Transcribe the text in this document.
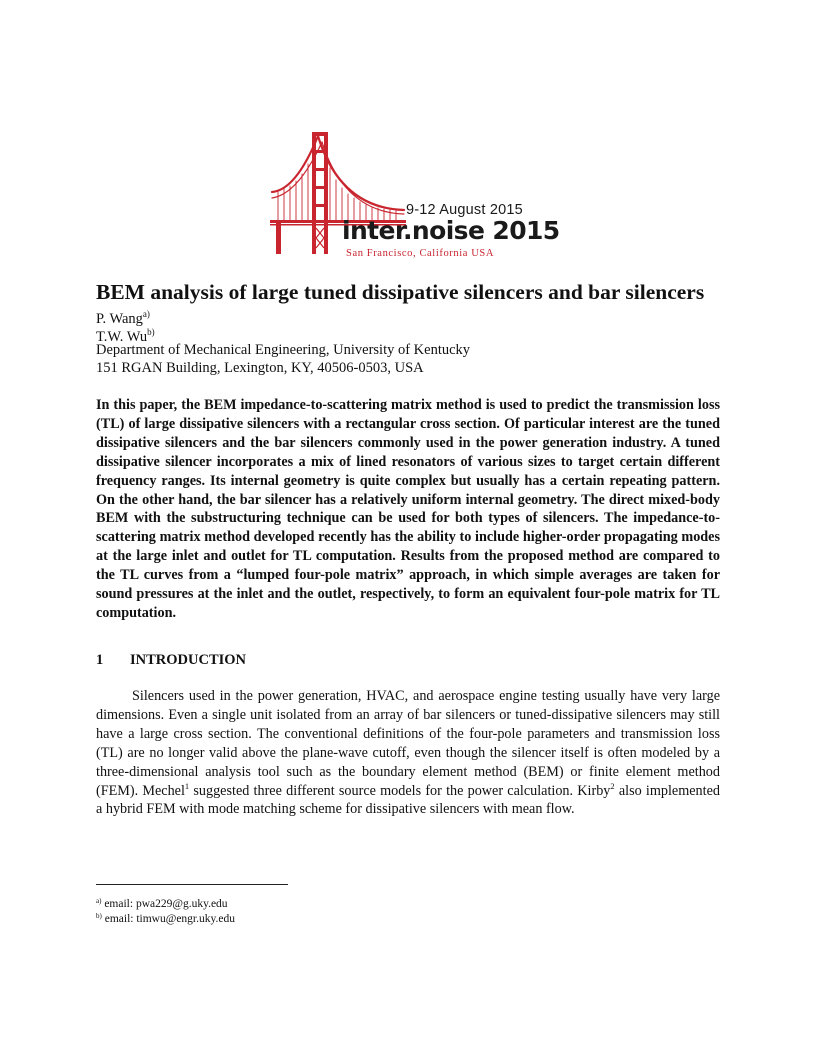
9-12 August 2015
inter.noise 2015
San Francisco, California USA
BEM analysis of large tuned dissipative silencers and bar silencers
P. Wang$^{a)}$
T.W. Wu$^{b)}$
Department of Mechanical Engineering, University of Kentucky
151 RGAN Building, Lexington, KY, 40506-0503, USA

In this paper, the BEM impedance-to-scattering matrix method is used to predict the transmission loss (TL) of large dissipative silencers with a rectangular cross section. Of particular interest are the tuned dissipative silencers and the bar silencers commonly used in the power generation industry. A tuned dissipative silencer incorporates a mix of lined resonators of various sizes to target certain different frequency ranges. Its internal geometry is quite complex but usually has a certain repeating pattern. On the other hand, the bar silencer has a relatively uniform internal geometry. The direct mixed-body BEM with the substructuring technique can be used for both types of silencers. The impedance-to-scattering matrix method developed recently has the ability to include higher-order propagating modes at the large inlet and outlet for TL computation. Results from the proposed method are compared to the TL curves from a “lumped four-pole matrix” approach, in which simple averages are taken for sound pressures at the inlet and the outlet, respectively, to form an equivalent four-pole matrix for TL computation.

1 INTRODUCTION

Silencers used in the power generation, HVAC, and aerospace engine testing usually have very large dimensions. Even a single unit isolated from an array of bar silencers or tuned-dissipative silencers may still have a large cross section. The conventional definitions of the four-pole parameters and transmission loss (TL) are no longer valid above the plane-wave cutoff, even though the silencer itself is often modeled by a three-dimensional analysis tool such as the boundary element method (BEM) or finite element method (FEM). Mechel$^1$ suggested three different source models for the power calculation. Kirby$^2$ also implemented a hybrid FEM with mode matching scheme for dissipative silencers with mean flow.

$^{a)}$ email: pwa229@g.uky.edu
$^{b)}$ email: timwu@engr.uky.edu
